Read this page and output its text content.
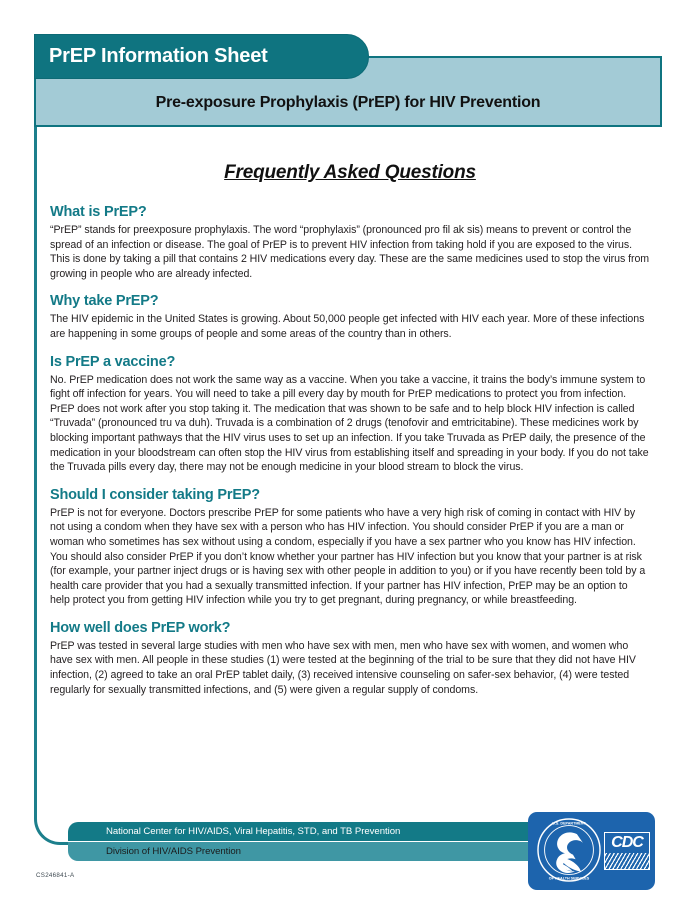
Pre-exposure Prophylaxis (PrEP) for HIV Prevention
PrEP Information Sheet
Frequently Asked Questions
What is PrEP?

“PrEP” stands for preexposure prophylaxis. The word “prophylaxis” (pronounced pro fil ak sis) means to prevent or control the spread of an infection or disease. The goal of PrEP is to prevent HIV infection from taking hold if you are exposed to the virus. This is done by taking a pill that contains 2 HIV medications every day. These are the same medicines used to stop the virus from growing in people who are already infected.

Why take PrEP?

The HIV epidemic in the United States is growing. About 50,000 people get infected with HIV each year. More of these infections are happening in some groups of people and some areas of the country than in others.

Is PrEP a vaccine?

No. PrEP medication does not work the same way as a vaccine. When you take a vaccine, it trains the body’s immune system to fight off infection for years. You will need to take a pill every day by mouth for PrEP medications to protect you from infection. PrEP does not work after you stop taking it. The medication that was shown to be safe and to help block HIV infection is called “Truvada” (pronounced tru va duh). Truvada is a combination of 2 drugs (tenofovir and emtricitabine). These medicines work by blocking important pathways that the HIV virus uses to set up an infection. If you take Truvada as PrEP daily, the presence of the medication in your bloodstream can often stop the HIV virus from establishing itself and spreading in your body. If you do not take the Truvada pills every day, there may not be enough medicine in your blood stream to block the virus.

Should I consider taking PrEP?

PrEP is not for everyone. Doctors prescribe PrEP for some patients who have a very high risk of coming in contact with HIV by not using a condom when they have sex with a person who has HIV infection. You should consider PrEP if you are a man or woman who sometimes has sex without using a condom, especially if you have a sex partner who you know has HIV infection. You should also consider PrEP if you don’t know whether your partner has HIV infection but you know that your partner is at risk (for example, your partner inject drugs or is having sex with other people in addition to you) or if you have recently been told by a health care provider that you had a sexually transmitted infection. If your partner has HIV infection, PrEP may be an option to help protect you from getting HIV infection while you try to get pregnant, during pregnancy, or while breastfeeding.

How well does PrEP work?

PrEP was tested in several large studies with men who have sex with men, men who have sex with women, and women who have sex with men. All people in these studies (1) were tested at the beginning of the trial to be sure that they did not have HIV infection, (2) agreed to take an oral PrEP tablet daily, (3) received intensive counseling on safer-sex behavior, (4) were tested regularly for sexually transmitted infections, and (5) were given a regular supply of condoms.

National Center for HIV/AIDS, Viral Hepatitis, STD, and TB Prevention
Division of HIV/AIDS Prevention
CS246841-A
U.S. DEPARTMENT
OF HEALTH SERVICES
CDC
